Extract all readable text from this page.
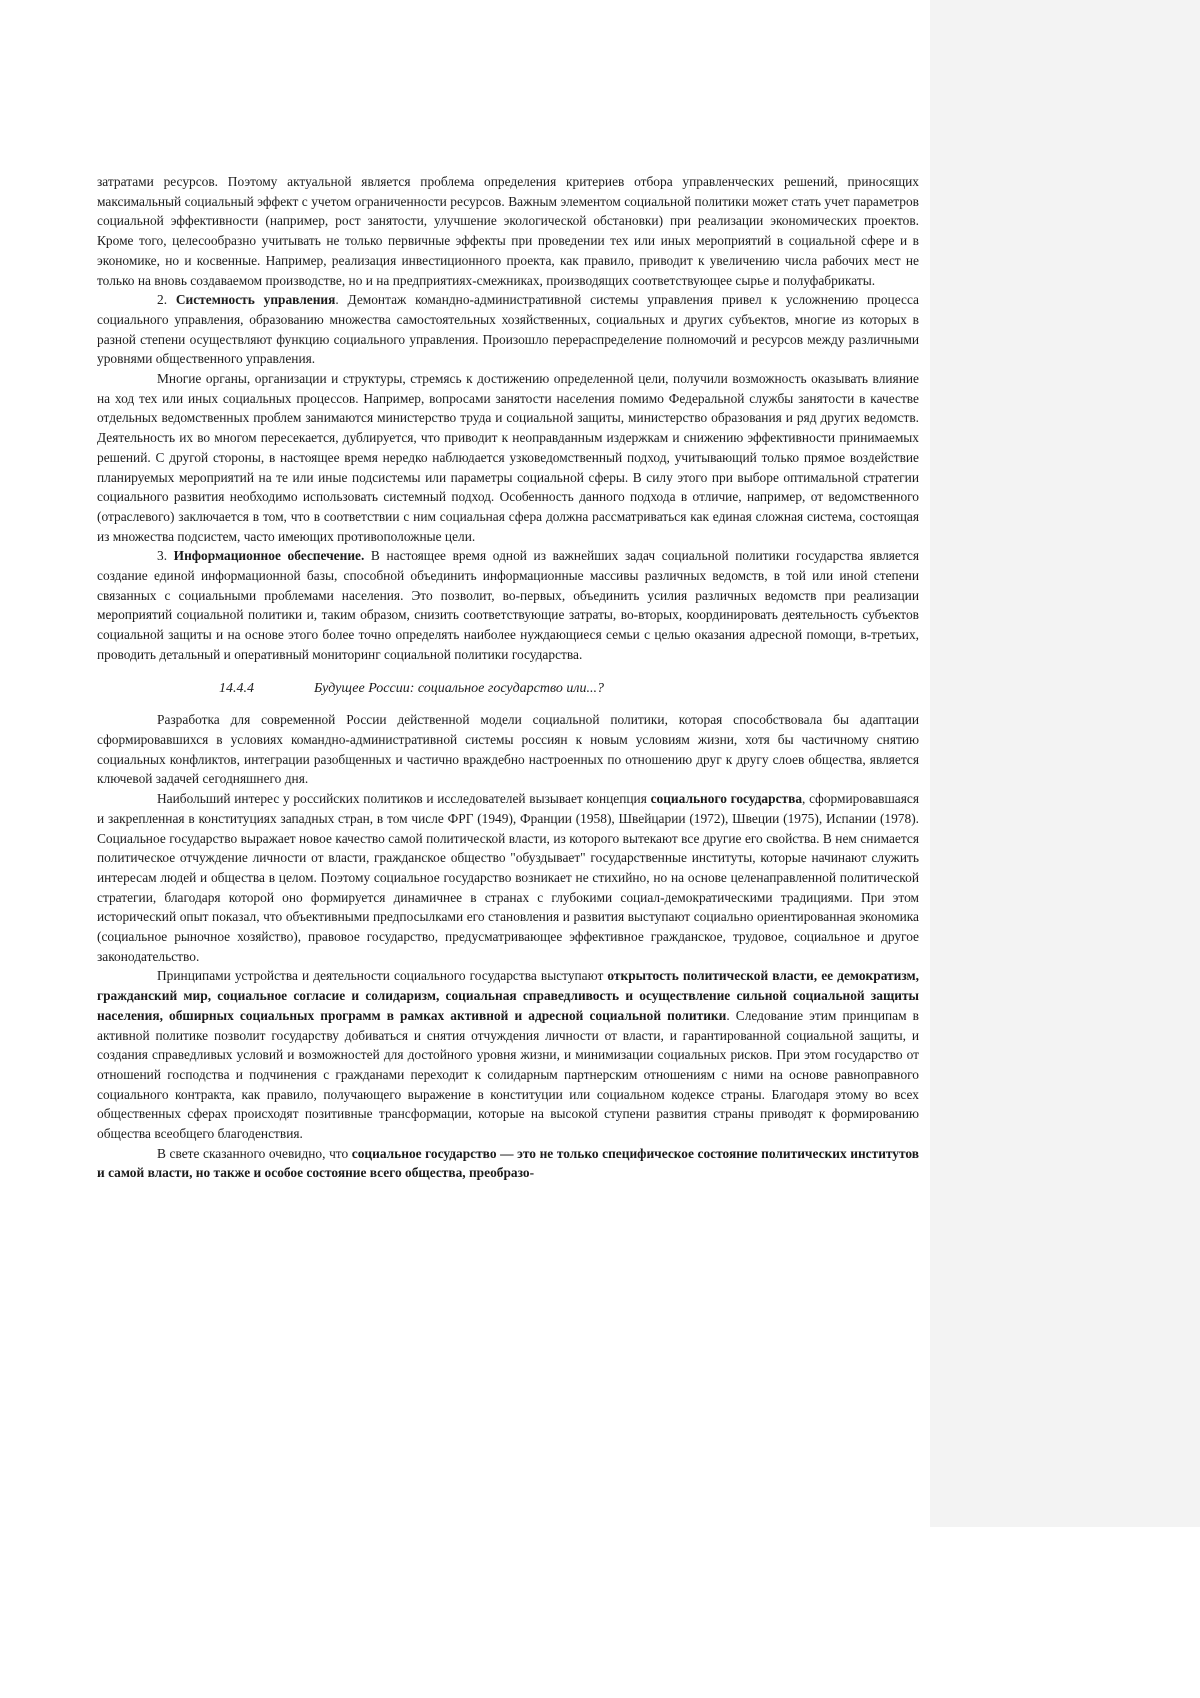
затратами ресурсов. Поэтому актуальной является проблема определения критериев отбора управленческих решений, приносящих максимальный социальный эффект с учетом ограниченности ресурсов. Важным элементом социальной политики может стать учет параметров социальной эффективности (например, рост занятости, улучшение экологической обстановки) при реализации экономических проектов. Кроме того, целесообразно учитывать не только первичные эффекты при проведении тех или иных мероприятий в социальной сфере и в экономике, но и косвенные. Например, реализация инвестиционного проекта, как правило, приводит к увеличению числа рабочих мест не только на вновь создаваемом производстве, но и на предприятиях-смежниках, производящих соответствующее сырье и полуфабрикаты.

2. Системность управления. Демонтаж командно-административной системы управления привел к усложнению процесса социального управления, образованию множества самостоятельных хозяйственных, социальных и других субъектов, многие из которых в разной степени осуществляют функцию социального управления. Произошло перераспределение полномочий и ресурсов между различными уровнями общественного управления.

Многие органы, организации и структуры, стремясь к достижению определенной цели, получили возможность оказывать влияние на ход тех или иных социальных процессов. Например, вопросами занятости населения помимо Федеральной службы занятости в качестве отдельных ведомственных проблем занимаются министерство труда и социальной защиты, министерство образования и ряд других ведомств. Деятельность их во многом пересекается, дублируется, что приводит к неоправданным издержкам и снижению эффективности принимаемых решений. С другой стороны, в настоящее время нередко наблюдается узковедомственный подход, учитывающий только прямое воздействие планируемых мероприятий на те или иные подсистемы или параметры социальной сферы. В силу этого при выборе оптимальной стратегии социального развития необходимо использовать системный подход. Особенность данного подхода в отличие, например, от ведомственного (отраслевого) заключается в том, что в соответствии с ним социальная сфера должна рассматриваться как единая сложная система, состоящая из множества подсистем, часто имеющих противоположные цели.

3. Информационное обеспечение. В настоящее время одной из важнейших задач социальной политики государства является создание единой информационной базы, способной объединить информационные массивы различных ведомств, в той или иной степени связанных с социальными проблемами населения. Это позволит, во-первых, объединить усилия различных ведомств при реализации мероприятий социальной политики и, таким образом, снизить соответствующие затраты, во-вторых, координировать деятельность субъектов социальной защиты и на основе этого более точно определять наиболее нуждающиеся семьи с целью оказания адресной помощи, в-третьих, проводить детальный и оперативный мониторинг социальной политики государства.

14.4.4	Будущее России: социальное государство или...?

Разработка для современной России действенной модели социальной политики, которая способствовала бы адаптации сформировавшихся в условиях командно-административной системы россиян к новым условиям жизни, хотя бы частичному снятию социальных конфликтов, интеграции разобщенных и частично враждебно настроенных по отношению друг к другу слоев общества, является ключевой задачей сегодняшнего дня.

Наибольший интерес у российских политиков и исследователей вызывает концепция социального государства, сформировавшаяся и закрепленная в конституциях западных стран, в том числе ФРГ (1949), Франции (1958), Швейцарии (1972), Швеции (1975), Испании (1978). Социальное государство выражает новое качество самой политической власти, из которого вытекают все другие его свойства. В нем снимается политическое отчуждение личности от власти, гражданское общество "обуздывает" государственные институты, которые начинают служить интересам людей и общества в целом. Поэтому социальное государство возникает не стихийно, но на основе целенаправленной политической стратегии, благодаря которой оно формируется динамичнее в странах с глубокими социал-демократическими традициями. При этом исторический опыт показал, что объективными предпосылками его становления и развития выступают социально ориентированная экономика (социальное рыночное хозяйство), правовое государство, предусматривающее эффективное гражданское, трудовое, социальное и другое законодательство.

Принципами устройства и деятельности социального государства выступают открытость политической власти, ее демократизм, гражданский мир, социальное согласие и солидаризм, социальная справедливость и осуществление сильной социальной защиты населения, обширных социальных программ в рамках активной и адресной социальной политики. Следование этим принципам в активной политике позволит государству добиваться и снятия отчуждения личности от власти, и гарантированной социальной защиты, и создания справедливых условий и возможностей для достойного уровня жизни, и минимизации социальных рисков. При этом государство от отношений господства и подчинения с гражданами переходит к солидарным партнерским отношениям с ними на основе равноправного социального контракта, как правило, получающего выражение в конституции или социальном кодексе страны. Благодаря этому во всех общественных сферах происходят позитивные трансформации, которые на высокой ступени развития страны приводят к формированию общества всеобщего благоденствия.

В свете сказанного очевидно, что социальное государство — это не только специфическое состояние политических институтов и самой власти, но также и особое состояние всего общества, преобразо-
